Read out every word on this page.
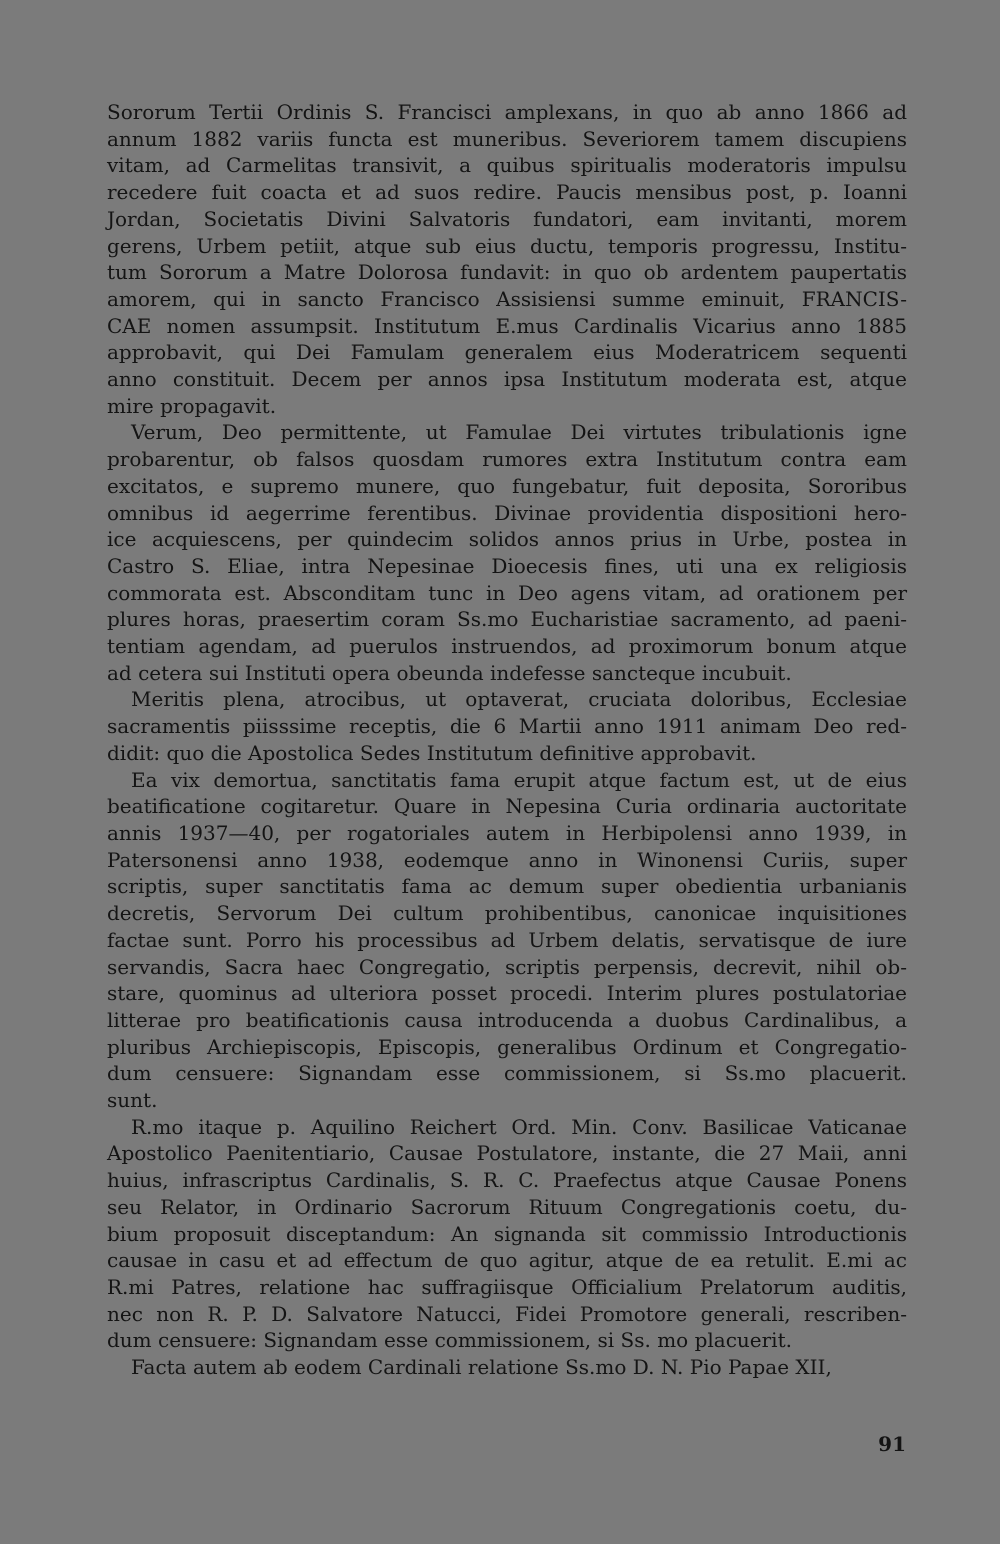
Sororum Tertii Ordinis S. Francisci amplexans, in quo ab anno 1866 ad
annum 1882 variis functa est muneribus. Severiorem tamem discupiens
vitam, ad Carmelitas transivit, a quibus spiritualis moderatoris impulsu
recedere fuit coacta et ad suos redire. Paucis mensibus post, p. Ioanni
Jordan, Societatis Divini Salvatoris fundatori, eam invitanti, morem
gerens, Urbem petiit, atque sub eius ductu, temporis progressu, Institu-
tum Sororum a Matre Dolorosa fundavit: in quo ob ardentem paupertatis
amorem, qui in sancto Francisco Assisiensi summe eminuit, FRANCIS-
CAE nomen assumpsit. Institutum E.mus Cardinalis Vicarius anno 1885
approbavit, qui Dei Famulam generalem eius Moderatricem sequenti
anno constituit. Decem per annos ipsa Institutum moderata est, atque
mire propagavit.
Verum, Deo permittente, ut Famulae Dei virtutes tribulationis igne
probarentur, ob falsos quosdam rumores extra Institutum contra eam
excitatos, e supremo munere, quo fungebatur, fuit deposita, Sororibus
omnibus id aegerrime ferentibus. Divinae providentia dispositioni hero-
ice acquiescens, per quindecim solidos annos prius in Urbe, postea in
Castro S. Eliae, intra Nepesinae Dioecesis fines, uti una ex religiosis
commorata est. Absconditam tunc in Deo agens vitam, ad orationem per
plures horas, praesertim coram Ss.mo Eucharistiae sacramento, ad paeni-
tentiam agendam, ad puerulos instruendos, ad proximorum bonum atque
ad cetera sui Instituti opera obeunda indefesse sancteque incubuit.
Meritis plena, atrocibus, ut optaverat, cruciata doloribus, Ecclesiae
sacramentis piisssime receptis, die 6 Martii anno 1911 animam Deo red-
didit: quo die Apostolica Sedes Institutum definitive approbavit.
Ea vix demortua, sanctitatis fama erupit atque factum est, ut de eius
beatificatione cogitaretur. Quare in Nepesina Curia ordinaria auctoritate
annis 1937—40, per rogatoriales autem in Herbipolensi anno 1939, in
Patersonensi anno 1938, eodemque anno in Winonensi Curiis, super
scriptis, super sanctitatis fama ac demum super obedientia urbanianis
decretis, Servorum Dei cultum prohibentibus, canonicae inquisitiones
factae sunt. Porro his processibus ad Urbem delatis, servatisque de iure
servandis, Sacra haec Congregatio, scriptis perpensis, decrevit, nihil ob-
stare, quominus ad ulteriora posset procedi. Interim plures postulatoriae
litterae pro beatificationis causa introducenda a duobus Cardinalibus, a
pluribus Archiepiscopis, Episcopis, generalibus Ordinum et Congregatio-
dum censuere: Signandam esse commissionem, si Ss.mo placuerit.
sunt.
R.mo itaque p. Aquilino Reichert Ord. Min. Conv. Basilicae Vaticanae
Apostolico Paenitentiario, Causae Postulatore, instante, die 27 Maii, anni
huius, infrascriptus Cardinalis, S. R. C. Praefectus atque Causae Ponens
seu Relator, in Ordinario Sacrorum Rituum Congregationis coetu, du-
bium proposuit disceptandum: An signanda sit commissio Introductionis
causae in casu et ad effectum de quo agitur, atque de ea retulit. E.mi ac
R.mi Patres, relatione hac suffragiisque Officialium Prelatorum auditis,
nec non R. P. D. Salvatore Natucci, Fidei Promotore generali, rescriben-
dum censuere: Signandam esse commissionem, si Ss. mo placuerit.
Facta autem ab eodem Cardinali relatione Ss.mo D. N. Pio Papae XII,
91
